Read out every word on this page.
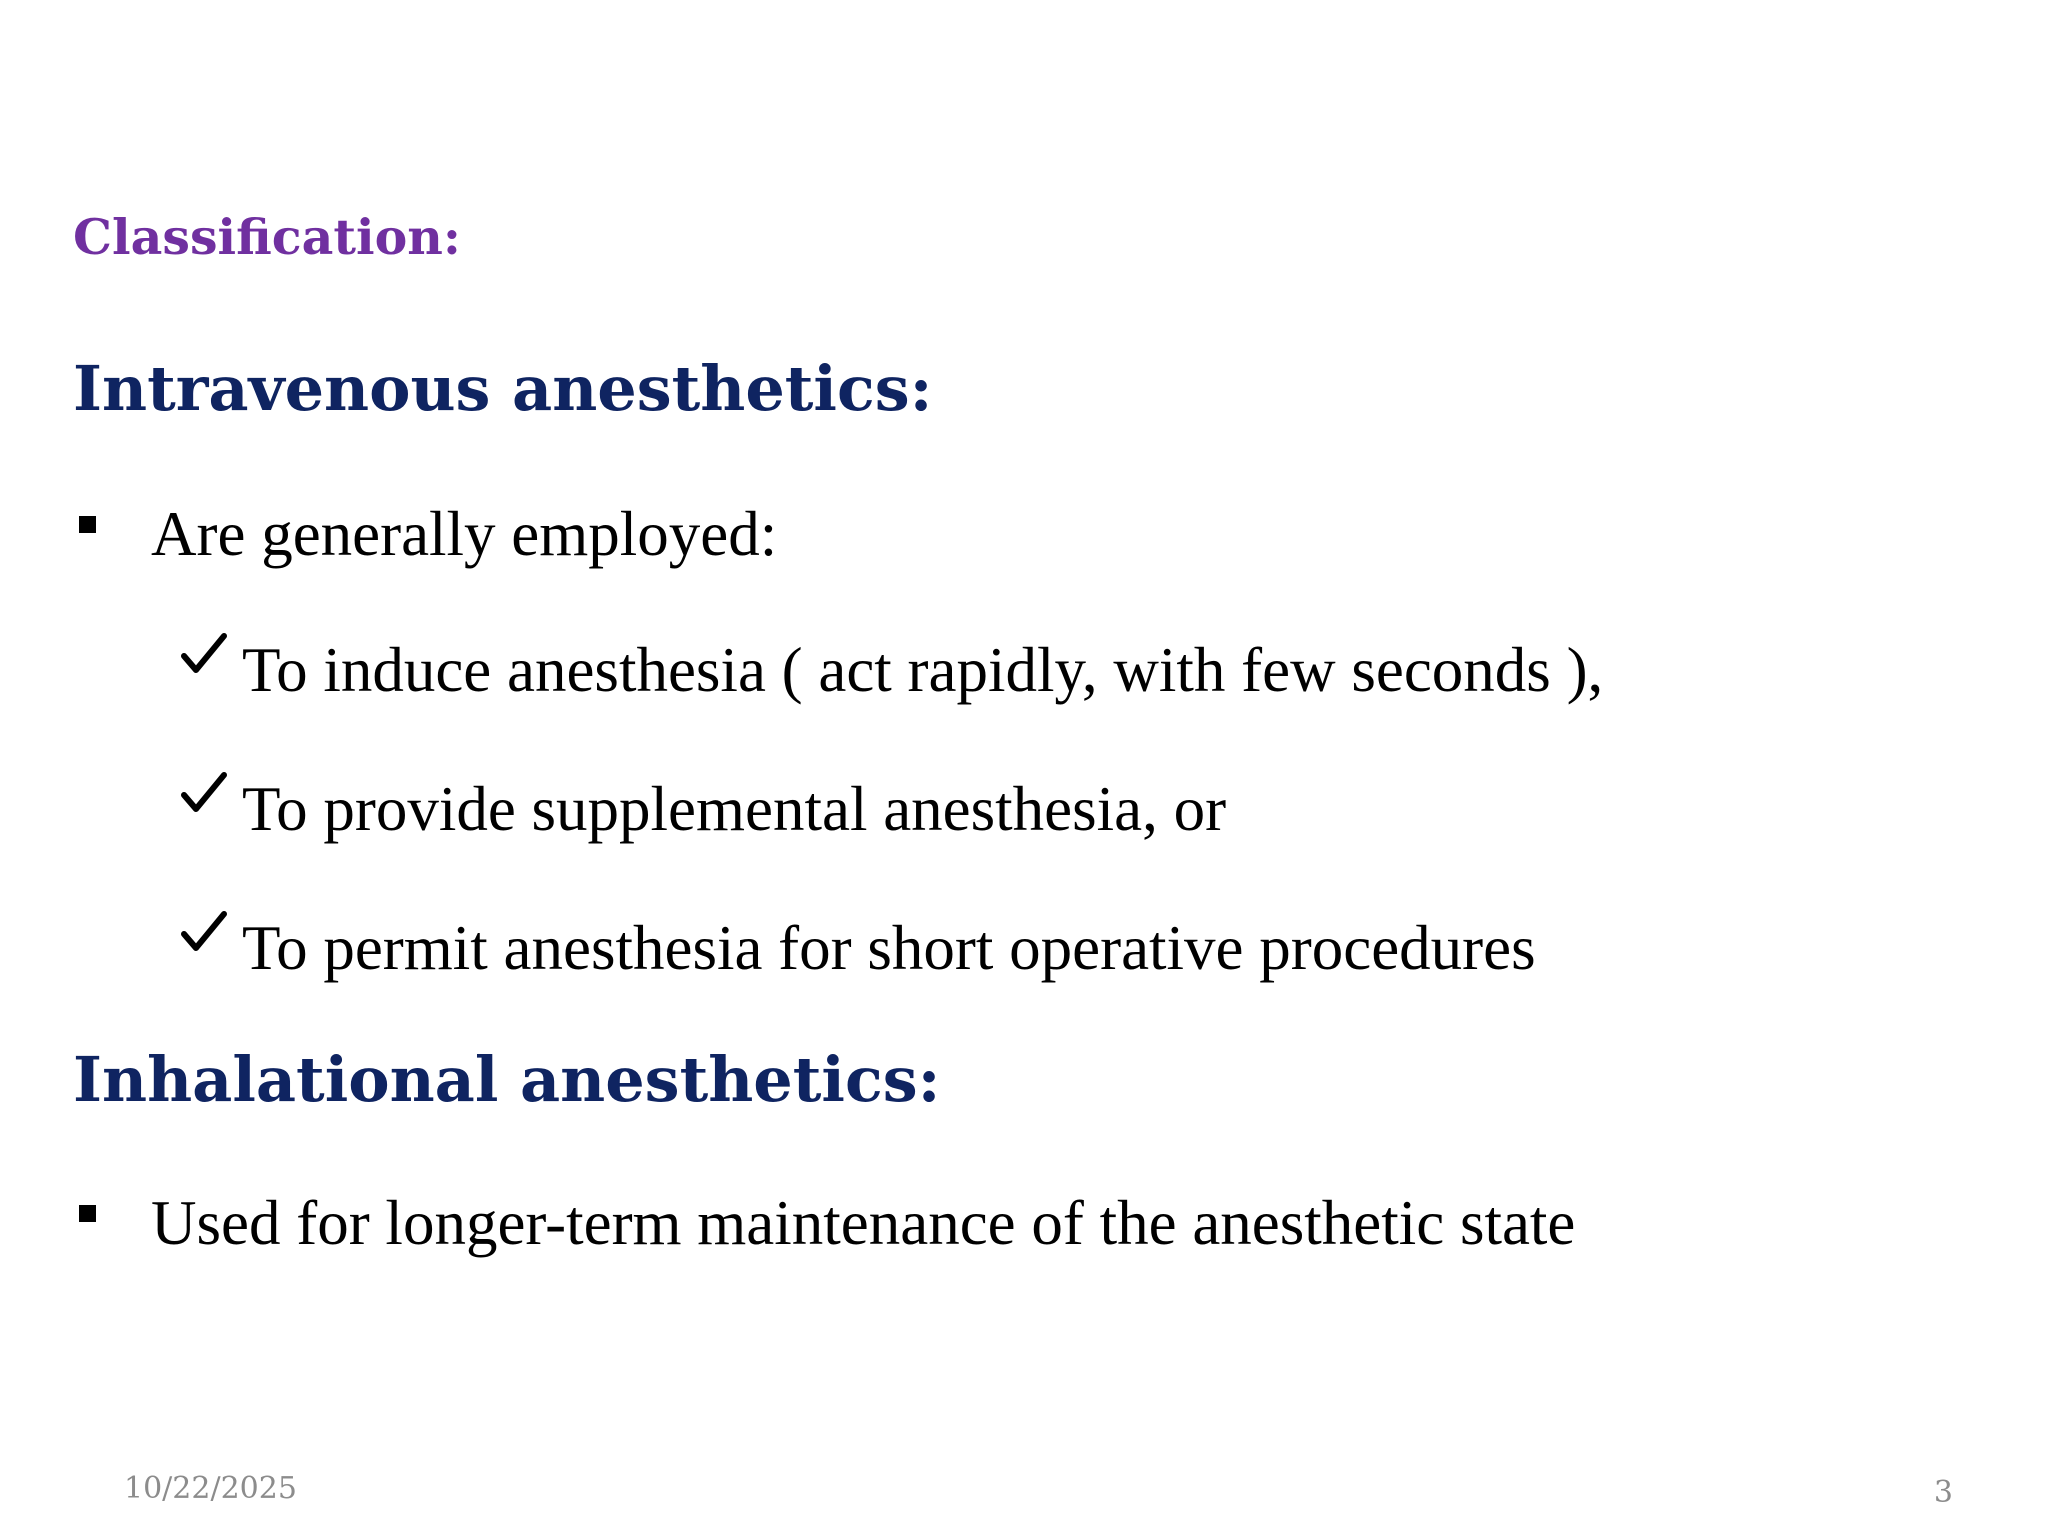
Classification:
Intravenous anesthetics:
Are generally employed:
To induce anesthesia ( act rapidly, with few seconds ),
To provide supplemental anesthesia, or
To permit anesthesia for short operative procedures
Inhalational anesthetics:
Used for longer-term maintenance of the anesthetic state
10/22/2025	3
